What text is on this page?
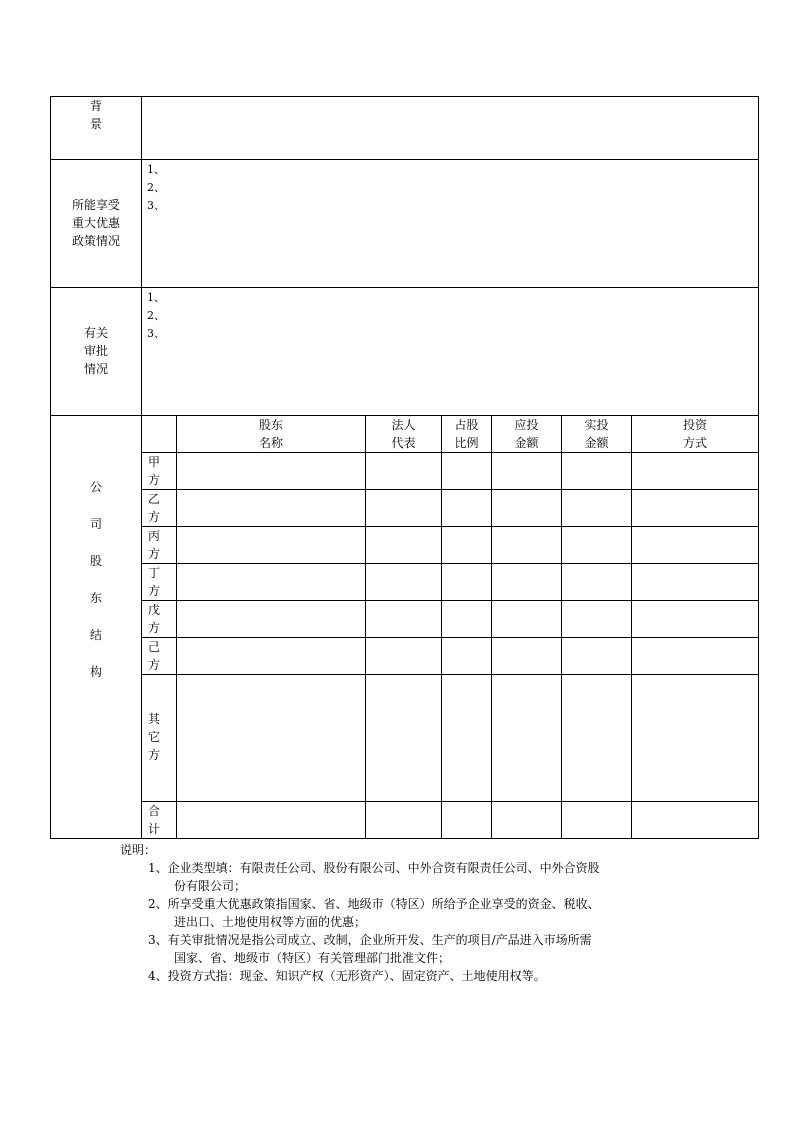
背
景
所能享受
重大优惠
政策情况
1、
2、
3、
有关
审批
情况
1、
2、
3、
公
司
股
东
结
构
股东
名称
法人
代表
占股
比例
应投
金额
实投
金额
投资
方式
甲
方
乙
方
丙
方
丁
方
戊
方
己
方
其
它
方
合
计
说明：
1、企业类型填：有限责任公司、股份有限公司、中外合资有限责任公司、中外合资股
份有限公司；
2、所享受重大优惠政策指国家、省、地级市（特区）所给予企业享受的资金、税收、
进出口、土地使用权等方面的优惠；
3、有关审批情况是指公司成立、改制，企业所开发、生产的项目/产品进入市场所需
国家、省、地级市（特区）有关管理部门批准文件；
4、投资方式指：现金、知识产权（无形资产）、固定资产、土地使用权等。
